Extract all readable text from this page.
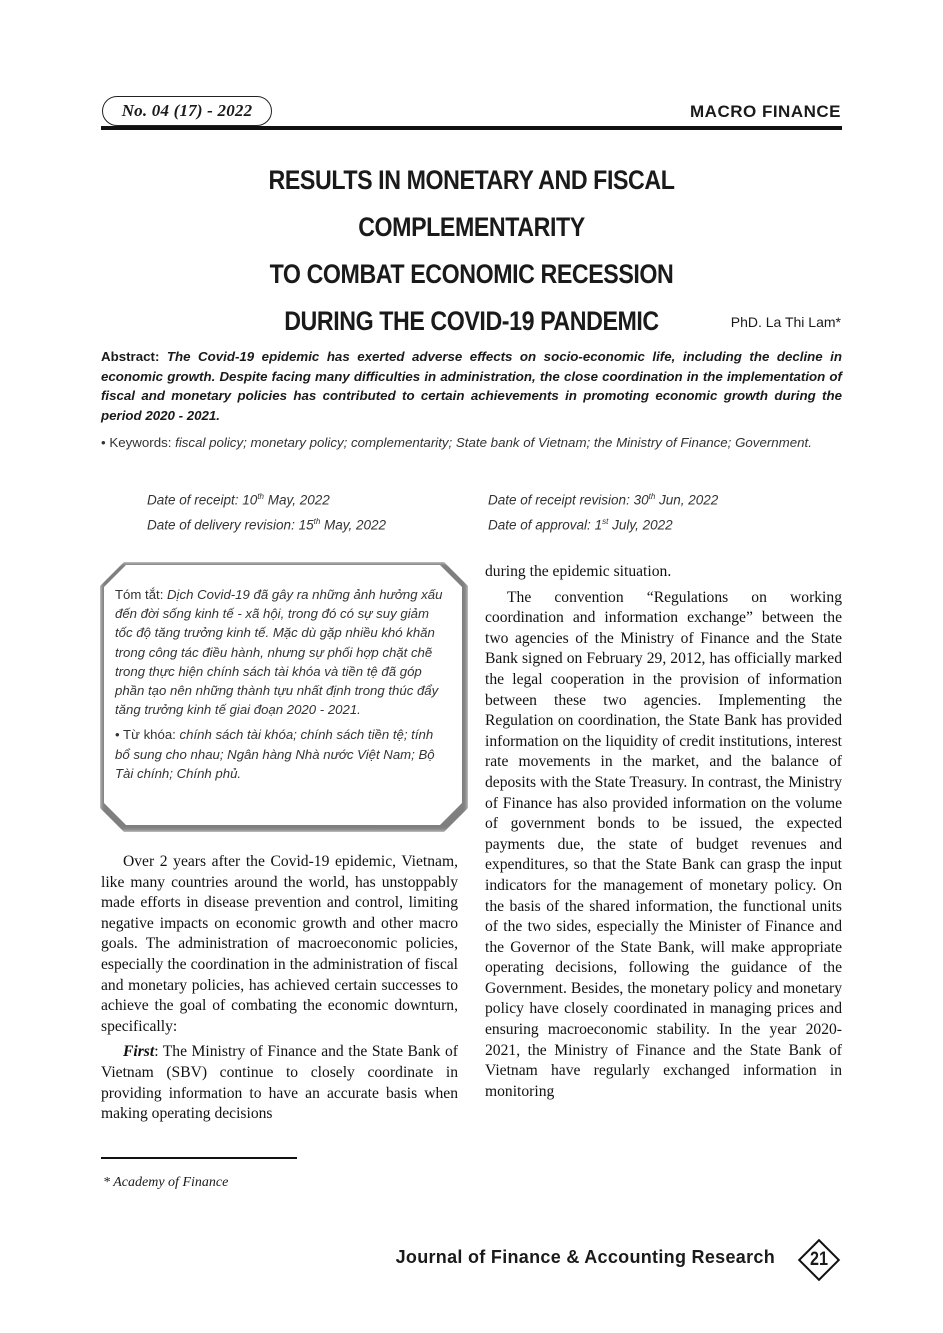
No. 04 (17) - 2022	MACRO FINANCE
RESULTS IN MONETARY AND FISCAL COMPLEMENTARITY
TO COMBAT ECONOMIC RECESSION
DURING THE COVID-19 PANDEMIC	PhD. La Thi Lam*
Abstract: The Covid-19 epidemic has exerted adverse effects on socio-economic life, including the decline in economic growth. Despite facing many difficulties in administration, the close coordination in the implementation of fiscal and monetary policies has contributed to certain achievements in promoting economic growth during the period 2020 - 2021.
• Keywords: fiscal policy; monetary policy; complementarity; State bank of Vietnam; the Ministry of Finance; Government.
Date of receipt: 10th May, 2022	Date of receipt revision: 30th Jun, 2022
Date of delivery revision: 15th May, 2022	Date of approval: 1st July, 2022

Tóm tắt: Dịch Covid-19 đã gây ra những ảnh hưởng xấu đến đời sống kinh tế - xã hội, trong đó có sự suy giảm tốc độ tăng trưởng kinh tế. Mặc dù gặp nhiều khó khăn trong công tác điều hành, nhưng sự phối hợp chặt chẽ trong thực hiện chính sách tài khóa và tiền tệ đã góp phần tạo nên những thành tựu nhất định trong thúc đẩy tăng trưởng kinh tế giai đoạn 2020 - 2021.

• Từ khóa: chính sách tài khóa; chính sách tiền tệ; tính bổ sung cho nhau; Ngân hàng Nhà nước Việt Nam; Bộ Tài chính; Chính phủ.

Over 2 years after the Covid-19 epidemic, Vietnam, like many countries around the world, has unstoppably made efforts in disease prevention and control, limiting negative impacts on economic growth and other macro goals. The administration of macroeconomic policies, especially the coordination in the administration of fiscal and monetary policies, has achieved certain successes to achieve the goal of combating the economic downturn, specifically:

First: The Ministry of Finance and the State Bank of Vietnam (SBV) continue to closely coordinate in providing information to have an accurate basis when making operating decisions

during the epidemic situation.

The convention “Regulations on working coordination and information exchange” between the two agencies of the Ministry of Finance and the State Bank signed on February 29, 2012, has officially marked the legal cooperation in the provision of information between these two agencies. Implementing the Regulation on coordination, the State Bank has provided information on the liquidity of credit institutions, interest rate movements in the market, and the balance of deposits with the State Treasury. In contrast, the Ministry of Finance has also provided information on the volume of government bonds to be issued, the expected payments due, the state of budget revenues and expenditures, so that the State Bank can grasp the input indicators for the management of monetary policy. On the basis of the shared information, the functional units of the two sides, especially the Minister of Finance and the Governor of the State Bank, will make appropriate operating decisions, following the guidance of the Government. Besides, the monetary policy and monetary policy have closely coordinated in managing prices and ensuring macroeconomic stability. In the year 2020-2021, the Ministry of Finance and the State Bank of Vietnam have regularly exchanged information in monitoring

* Academy of Finance
Journal of Finance & Accounting Research	21
